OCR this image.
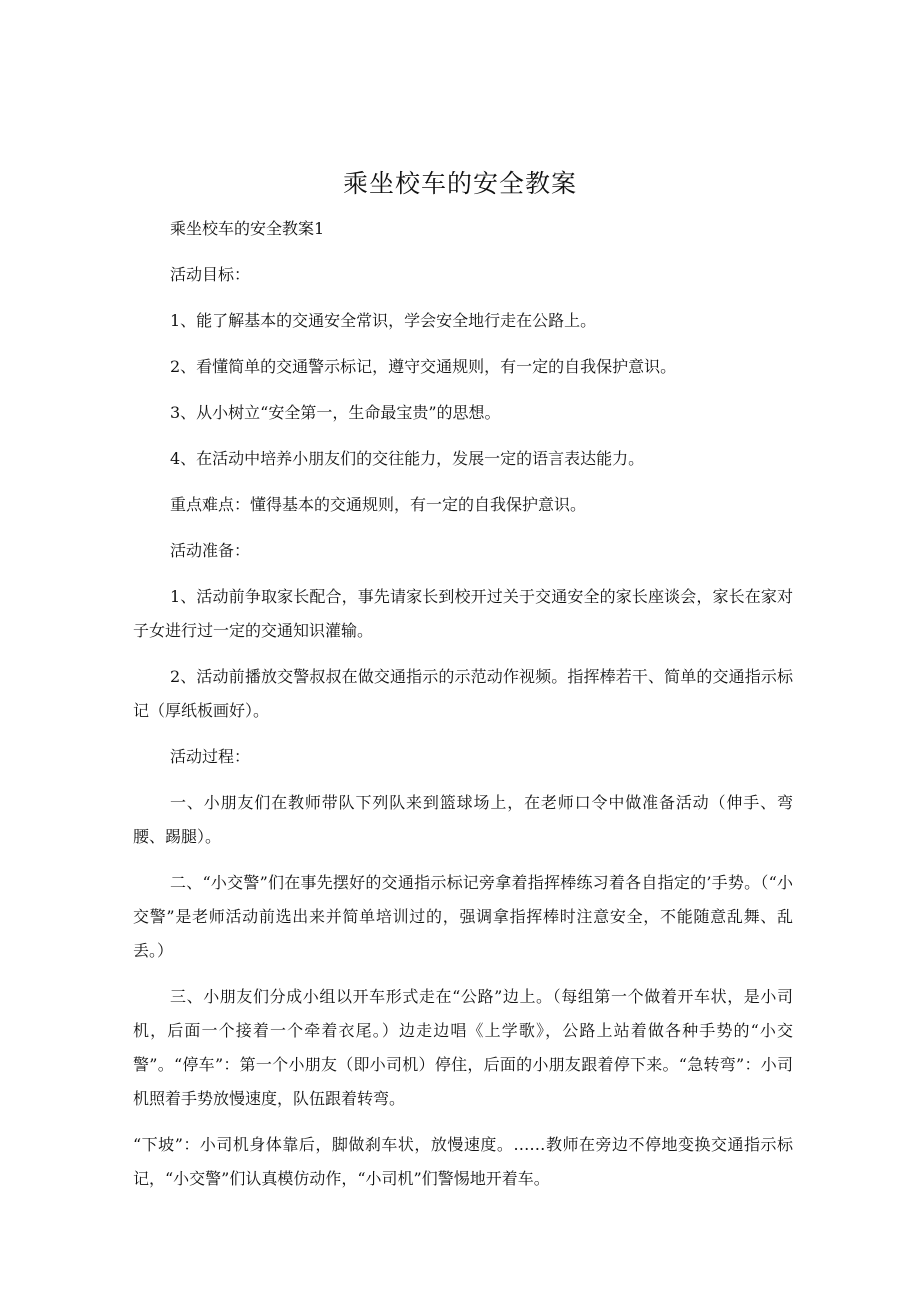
乘坐校车的安全教案

乘坐校车的安全教案1

活动目标：

1、能了解基本的交通安全常识，学会安全地行走在公路上。

2、看懂简单的交通警示标记，遵守交通规则，有一定的自我保护意识。

3、从小树立“安全第一，生命最宝贵”的思想。

4、在活动中培养小朋友们的交往能力，发展一定的语言表达能力。

重点难点：懂得基本的交通规则，有一定的自我保护意识。

活动准备：

1、活动前争取家长配合，事先请家长到校开过关于交通安全的家长座谈会，家长在家对子女进行过一定的交通知识灌输。

2、活动前播放交警叔叔在做交通指示的示范动作视频。指挥棒若干、简单的交通指示标记（厚纸板画好）。

活动过程：

一、小朋友们在教师带队下列队来到篮球场上，在老师口令中做准备活动（伸手、弯腰、踢腿）。

二、“小交警”们在事先摆好的交通指示标记旁拿着指挥棒练习着各自指定的’手势。（“小交警”是老师活动前选出来并简单培训过的，强调拿指挥棒时注意安全，不能随意乱舞、乱丢。）

三、小朋友们分成小组以开车形式走在“公路”边上。（每组第一个做着开车状，是小司机，后面一个接着一个牵着衣尾。）边走边唱《上学歌》，公路上站着做各种手势的“小交警”。“停车”：第一个小朋友（即小司机）停住，后面的小朋友跟着停下来。“急转弯”：小司机照着手势放慢速度，队伍跟着转弯。

“下坡”：小司机身体靠后，脚做刹车状，放慢速度。……教师在旁边不停地变换交通指示标记，“小交警”们认真模仿动作，“小司机”们警惕地开着车。
